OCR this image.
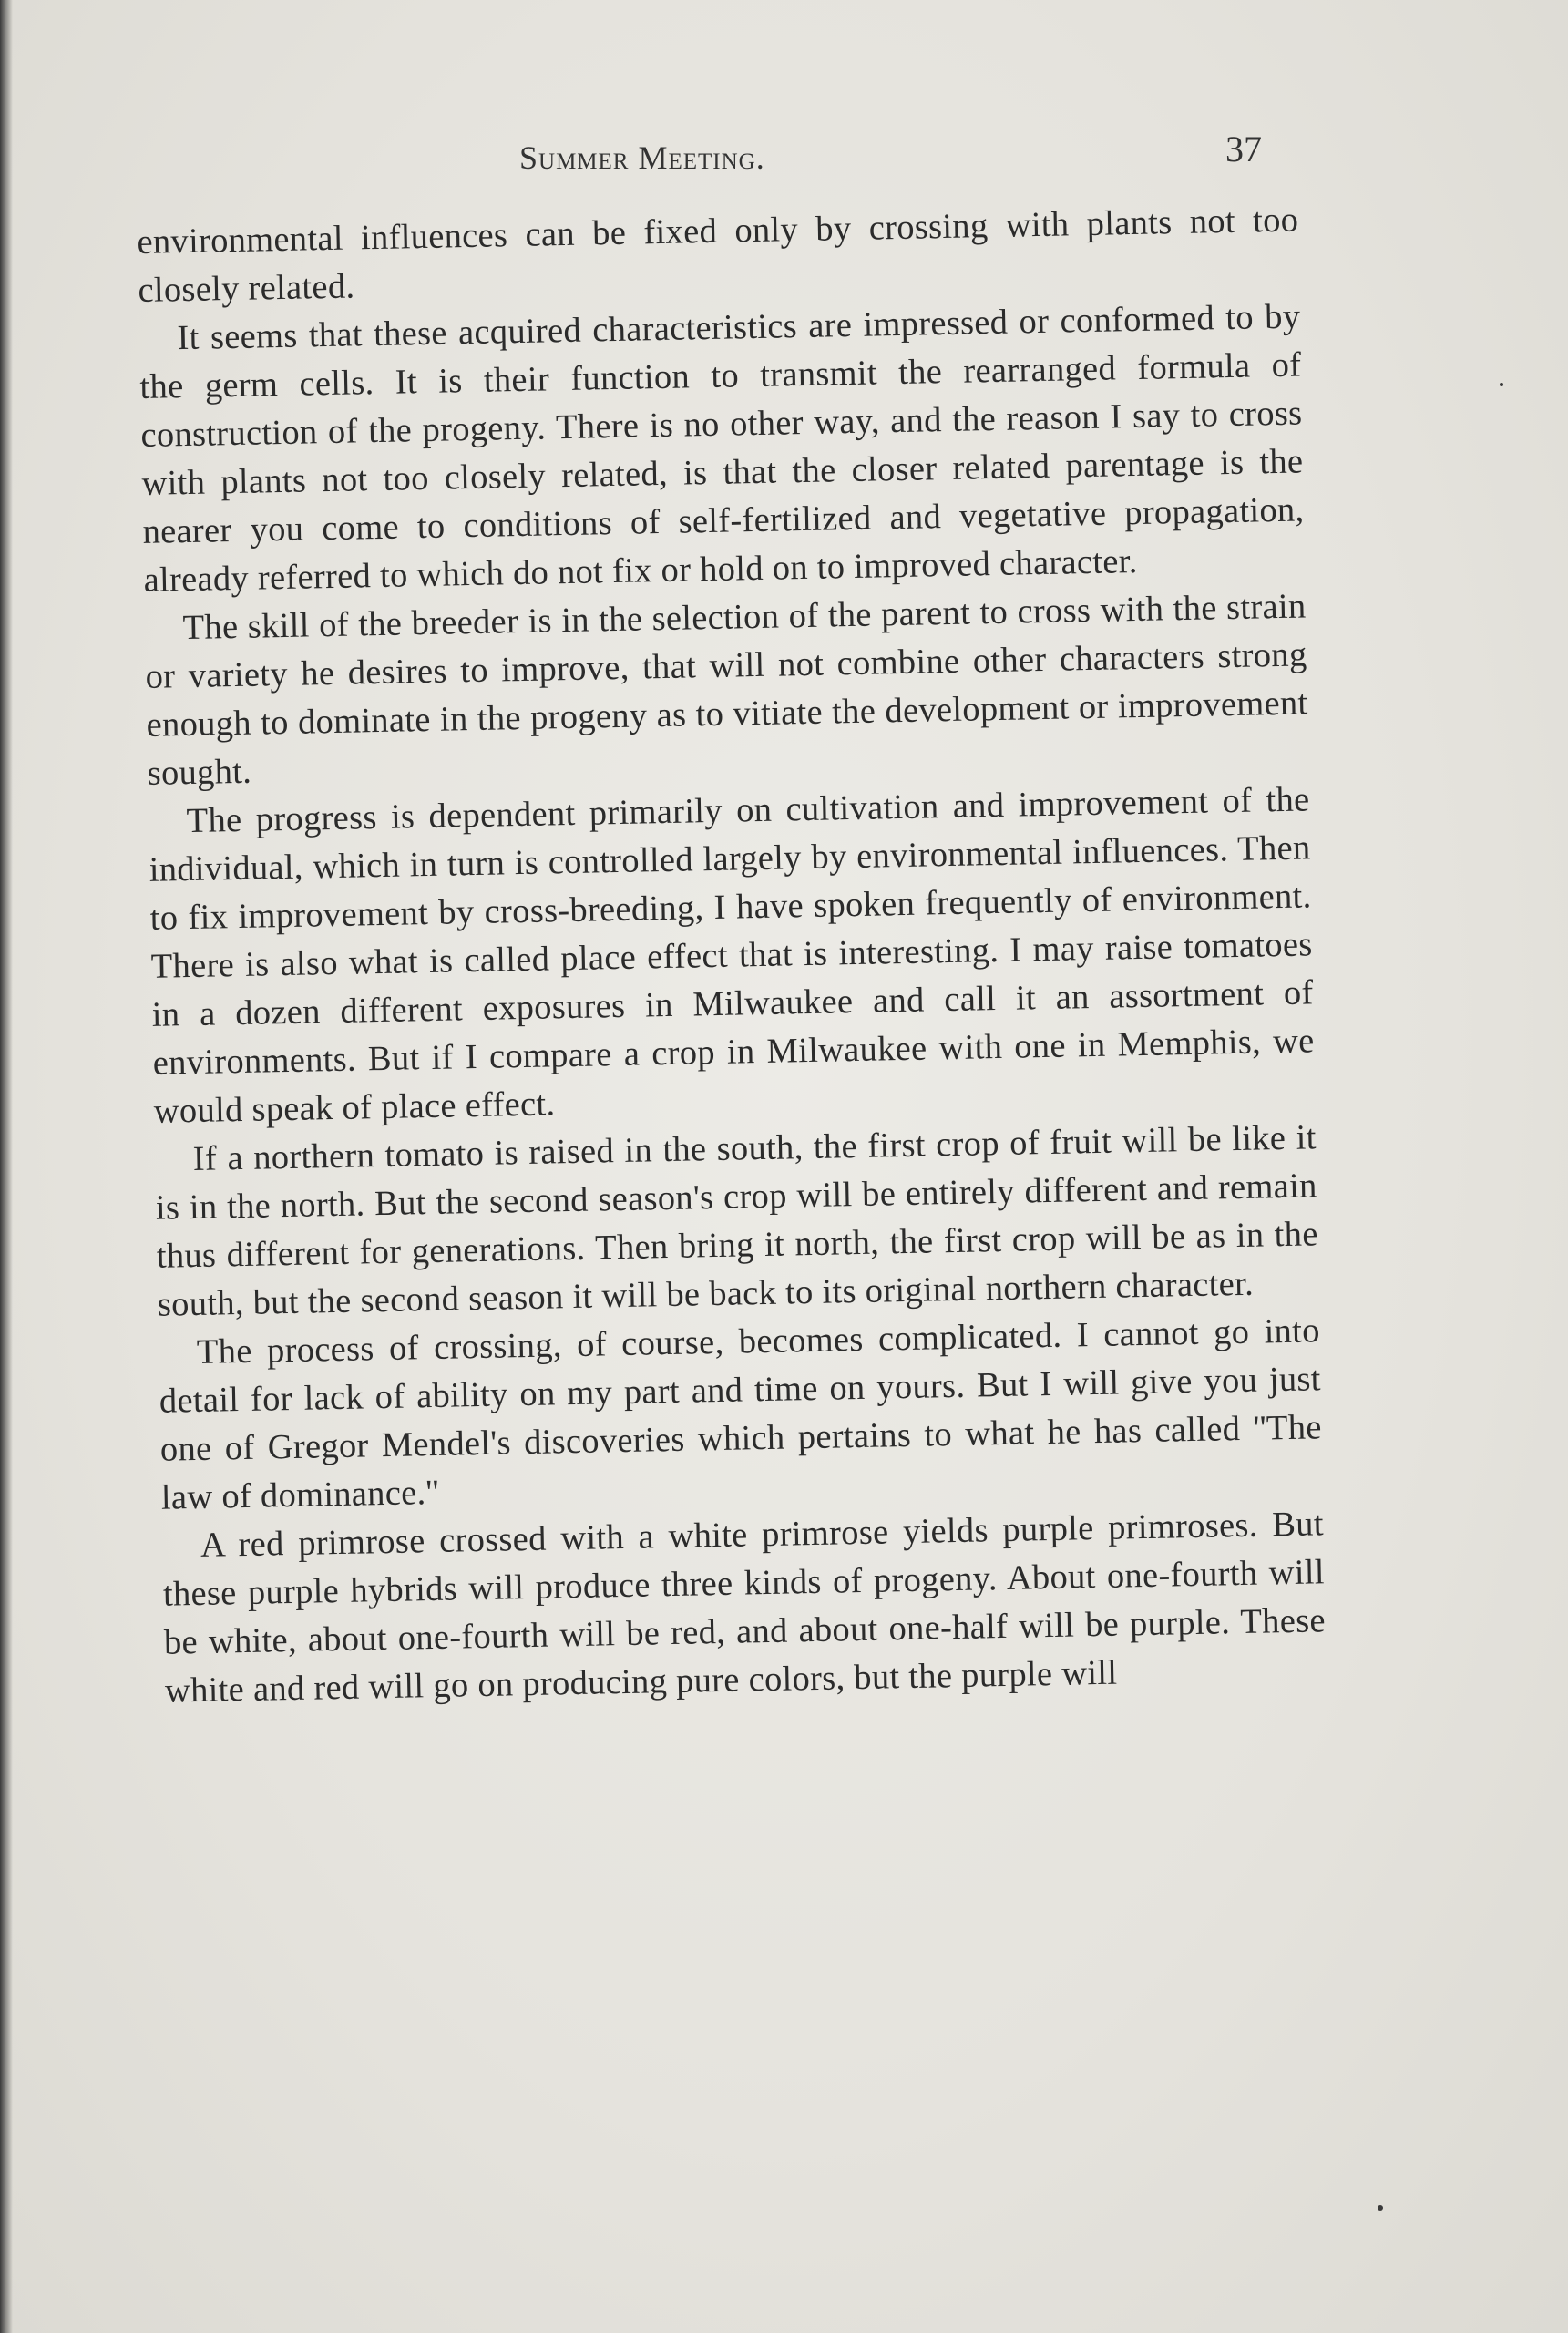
Summer Meeting.	37

environmental influences can be fixed only by crossing with plants not too closely related.

It seems that these acquired characteristics are impressed or conformed to by the germ cells. It is their function to transmit the rearranged formula of construction of the progeny. There is no other way, and the reason I say to cross with plants not too closely related, is that the closer related parentage is the nearer you come to conditions of self-fertilized and vegetative propagation, already referred to which do not fix or hold on to improved character.

The skill of the breeder is in the selection of the parent to cross with the strain or variety he desires to improve, that will not combine other characters strong enough to dominate in the progeny as to vitiate the development or improvement sought.

The progress is dependent primarily on cultivation and improvement of the individual, which in turn is controlled largely by environmental influences. Then to fix improvement by cross-breeding, I have spoken frequently of environment. There is also what is called place effect that is interesting. I may raise tomatoes in a dozen different exposures in Milwaukee and call it an assortment of environments. But if I compare a crop in Milwaukee with one in Memphis, we would speak of place effect.

If a northern tomato is raised in the south, the first crop of fruit will be like it is in the north. But the second season's crop will be entirely different and remain thus different for generations. Then bring it north, the first crop will be as in the south, but the second season it will be back to its original northern character.

The process of crossing, of course, becomes complicated. I cannot go into detail for lack of ability on my part and time on yours. But I will give you just one of Gregor Mendel's discoveries which pertains to what he has called ''The law of dominance.''

A red primrose crossed with a white primrose yields purple primroses. But these purple hybrids will produce three kinds of progeny. About one-fourth will be white, about one-fourth will be red, and about one-half will be purple. These white and red will go on producing pure colors, but the purple will
